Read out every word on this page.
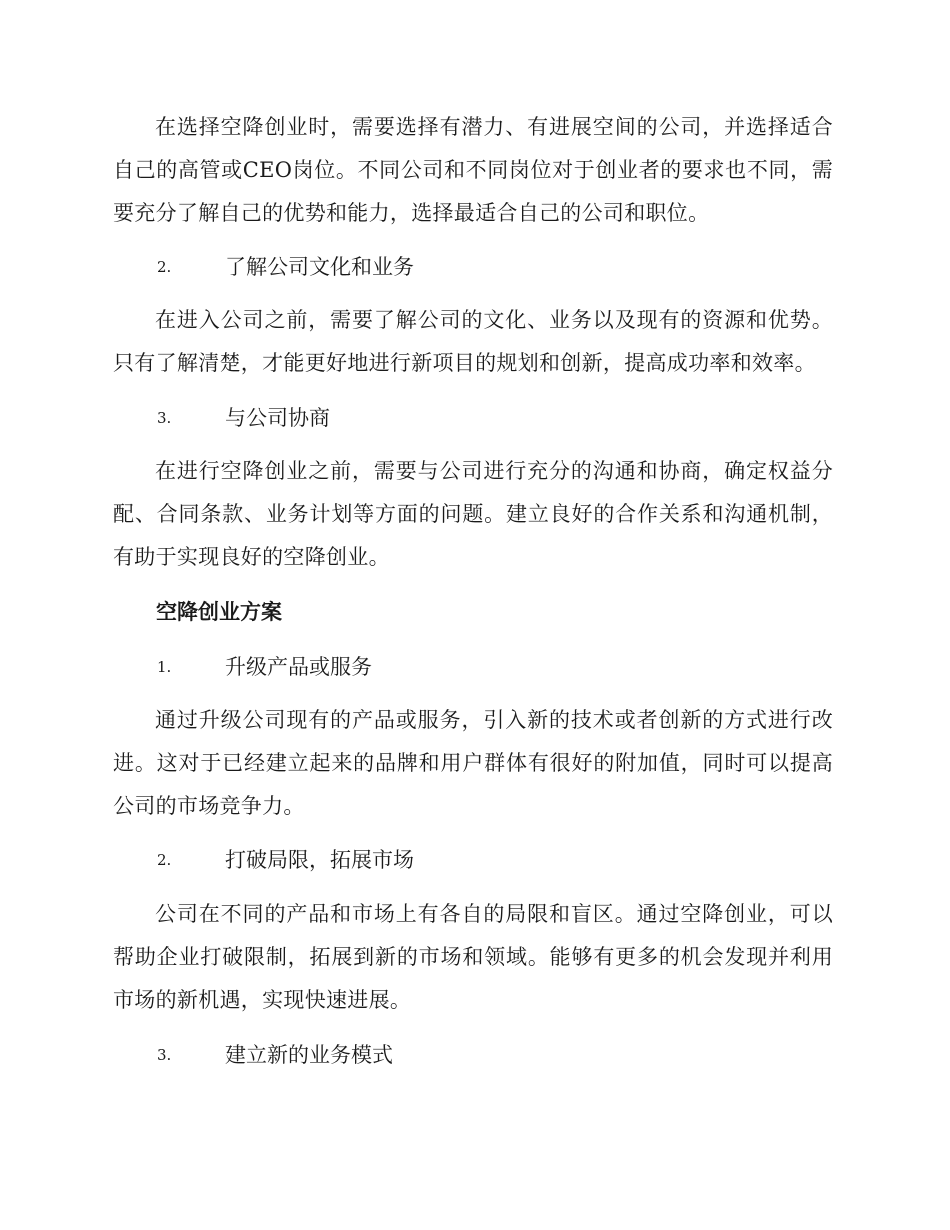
在选择空降创业时，需要选择有潜力、有进展空间的公司，并选择适合自己的高管或CEO岗位。不同公司和不同岗位对于创业者的要求也不同，需要充分了解自己的优势和能力，选择最适合自己的公司和职位。

2.	了解公司文化和业务

在进入公司之前，需要了解公司的文化、业务以及现有的资源和优势。只有了解清楚，才能更好地进行新项目的规划和创新，提高成功率和效率。

3.	与公司协商

在进行空降创业之前，需要与公司进行充分的沟通和协商，确定权益分配、合同条款、业务计划等方面的问题。建立良好的合作关系和沟通机制，有助于实现良好的空降创业。

空降创业方案

1.	升级产品或服务

通过升级公司现有的产品或服务，引入新的技术或者创新的方式进行改进。这对于已经建立起来的品牌和用户群体有很好的附加值，同时可以提高公司的市场竞争力。

2.	打破局限，拓展市场

公司在不同的产品和市场上有各自的局限和盲区。通过空降创业，可以帮助企业打破限制，拓展到新的市场和领域。能够有更多的机会发现并利用市场的新机遇，实现快速进展。

3.	建立新的业务模式
